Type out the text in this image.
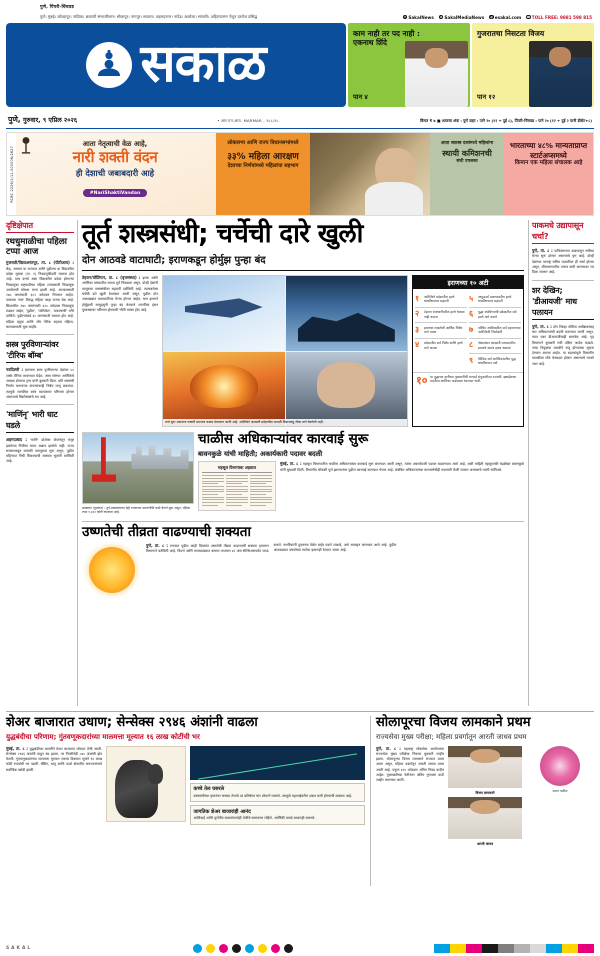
पुणे, पिंपरी-चिंचवड
पुणे। मुंबई। कोल्हापूर। नाशिक। छत्रपती संभाजीनगर। सोलापूर। नागपूर। सातारा। अहमदनगर। नांदेड। अकोला। सांगली। अहिल्यानगर येथून दररोज प्रसिद्ध	f SakalNews	X SakalMediaNews @ esakal.com ☎ TOLL FREE: 9881 598 815
सकाळ
काम नाही तर पद नाही : एकनाथ शिंदे
पान ४
गुजरातचा निसटता विजय
पान १२
पुणे, गुरुवार, ९ एप्रिल २०२६	• आर.एन.आय. MARMAR - ९८८/९८.	किंमत ₹ ७ ■ आजचा अंक : पुणे शहर : पाने २० (१२ + दुई ८), पिंपरी-चिंचवड : पाने २० (१२ + दुई २ पानी डीसेट+८)
RCBC 2226/1/11-000006/2627
आता नेतृत्वाची वेळ आहे,
नारी शक्ती वंदन
ही देशाची जबाबदारी आहे
#NariShaktiVandan
लोकसभा आणि राज्य विधानसभांमध्ये
३३% महिला आरक्षण
देशाच्या निर्णयांमध्ये महिलांचा सहभाग
आता सशस्त्र दलांमध्ये महिलांना
स्थायी कमिशनची
संधी उपलब्ध
भारताच्या ४८% मान्यताप्राप्त स्टार्टअप्समध्ये
किमान एक महिला संचालक आहे
दृष्टिक्षेपात
रथधुमाळीचा पहिला टप्पा आज
गुजराती/विश्वअनंतपूर, ता. ८ (पीटीआय) : केंद्र, आसाम या राज्यात आणि पुढील्या या बिंदावरील प्रदेशा सुधारा (ता. १) निवडणुकीदारी चालता होत आहे. याच दरम्‍ये अशा बिंदावरील प्रदेशा होणाऱ्या निवडणुका राष्ट्रवादीच्या पहिला टप्प्यासाठी निवडणूक आयोगाची घोषणा मान्य झाली आहे. आजारासाठी १७५ जागांसाठी ३०२ उमेदवार रिंगणात आहेत. पाकच्या 'स्तर' विरुद्ध महिला आहा राज्या येश आहे. बिंदावरील १७० जागांसाठी ४२० उमेदवार निवडणूक लढवत आहेत, 'पुढील', 'पालिकेत', 'प्रकल्पाची' वगैरे ठरविले. पुढील्यांकडे ३० जागांसाठी चालता होत आहे. महिला दलूक आणि और नेटिक सहाय्य महिला-चालकासाठी चूक जाहीर.
शस्त्र पुरविणाऱ्यांवर 'टीरिफ बॉम्ब'
नवदिल्ली : इराणला शस्त्र पुरविणाऱ्या देशांवर ५० टक्के टीरिफ लावण्यात येईल, असा गोष्टपर अमेरिकेचे अध्यक्ष डोनाल्ड ट्रम्प यांनी बुधवारी दिला. प्रति शस्त्रांची निर्यात करणाऱ्या कंपन्यांवरही निर्बंध लागू शकतात. त्‍यामुळे जागतिक शस्त्र व्यापारावर परिणाम होणार असल्याचे विश्‍लेषकांचे मत आहे.
'माणिंनृ' भारी धाट घडले
अहमदाबाद : 'माणि' प्रोजेक्ट योजनेतून मंजूर झालेल्या निधीचा वाटप अद्याप झालेले नाही. राज्य सरकारकडून यासाठी पाठपुरावा सुरू असून, पुढील महिन्यात निधी मिळण्याची शक्यता सूत्रांनी वर्तविली आहे.
तूर्त शस्त्रसंधी; चर्चेची दारे खुली
दोन आठवडे वाटाघाटी; इराणकडून होर्मुझ पुन्हा बंद
तेहरान/वॉशिंग्टन, ता. ८ (वृत्तसंस्था) : इराण आणि अमेरिका यांच्यातील तणाव तूर्त निवळला असून, दोन्ही देशांनी तात्पुरत्या शस्त्रसंधीवर सहमती दर्शविली आहे. त्याचबरोबर चर्चेची दारे खुली ठेवण्यात आली असून, पुढील दोन आठवड्यांत वाटाघाटींच्या फेऱ्या होणार आहेत. मात्र इराणने होर्मुझची सामुद्रधुनी पुन्हा बंद केल्याने जागतिक इंधन पुरवठ्यावर परिणाम होण्याची भीती व्यक्त होत आहे.
चर्चा सुरू असताना लष्करी सज्जता कायम ठेवण्यात आली आहे. अमेरिकेने आखाती प्रदेशातील आपली विमानवाहू नौका मागे घेतलेली नाही.
इराणच्या १० अटी
१	अमेरिकेने प्रदेशातील हल्ले थांबविण्यावर सहमती
२	तेहरान राजधानीवरील हल्ले थांबवा नाही करावा
३	इराणवर लादलेली आर्थिक निर्बंध मागे घ्यावा
४	प्रदेशातील सर्व निर्बंध आणि हल्ले मागे करावा
५	अणुऊर्जा प्रकल्पावरील हल्ले थांबविण्यावर सहमती
६	युद्धा संपविण्याची प्रदेशातील सर्व हल्ले मागे करावे
७	पश्चिम आशियातील सर्व सहभागाचा अमेरिकेची जिम्मेदारी
८	नौकाबंधन आखाती व्यापारातील इराणचे स्वतंत्र हक्क असावा
९	वैश्विक सर्व आण्विकांवरील युद्ध थांबविण्यात यावे
१० या युद्धाच्या हानीच्या नुकसानीची भरपाई संयुक्तरीत्या ठरवावी. इस्राईलच्या मदतीला अमेरिका जबाबदार धरण्यात यावी.
मावळात (गुजरात) : दुर्ग-मावळातल्या मेट्रो टप्प्याच्या उभारणीची कामे वेगाने सुरू असून, पहिला टप्पा १,३६२ कोटी रुपयांचा आहे.
चाळीस अधिकाऱ्यांवर कारवाई सुरू
बावनकुळे यांची माहिती; अकार्यकारी पदावर बदली
महसूल विभागाचा अहवाल
मुंबई, ता. ८ : महसूल विभागातील चाळीस अधिकाऱ्यांवर कारवाई सुरू करण्यात आली असून, त्यांना अकार्यकारी पदावर बदलण्यात आले आहे, अशी माहिती महसूलमंत्री चंद्रशेखर बावनकुळे यांनी बुधवारी दिली. विभागीय चौकशी पूर्ण झाल्यानंतर पुढील कारवाई करण्यात येणार आहे. संबंधित अधिकाऱ्यांच्या मालमत्तेचीही तपासणी केली जाणार असल्याचे त्यांनी सांगितले.
उष्णतेची तीव्रता वाढण्याची शक्यता
पुणे, ता. ८ : राज्यात पुढील काही दिवसांत उष्णतेची तीव्रता वाढण्याची शक्यता हवामान विभागाने वर्तविली आहे. विदर्भ आणि मराठवाड्यात कमाल तापमान ४२ अंश सेल्सिअसपर्यंत जाऊ शकते. नागरिकांनी दुपारच्या वेळेत बाहेर पडणे टाळावे, असे आवाहन करण्यात आले आहे. पुढील आठवड्यात उष्णतेच्या लाटेचा इशाराही देण्यात आला आहे.
पाकमधे उद्यापासून चर्चा?
पुणे, ता. ८ : पाकिस्तानात उद्यापासून चर्चेच्या फेऱ्या सुरू होणार असल्याचे वृत्त आहे. दोन्ही देशांच्या परराष्ट्र सचिव पातळीवर ही चर्चा होणार असून, सीमाभागातील तणाव कमी करण्यावर भर दिला जाणार आहे.
शर देखिन; 'डीआयजी' माध पलायन
पुणे, ता. ८ : दोन जिल्हा पोलिस अधीक्षकांसह चार अधिकाऱ्यांची बदली करण्यात आली असून, त्यात एका डीआयजींचाही समावेश आहे. गृह विभागाने बुधवारी रात्री उशिरा आदेश काढले. नव्या नियुक्त्या तातडीने रुजू होण्याच्या सूचना देण्यात आल्या आहेत. या बदल्यांमुळे विभागीय पातळीवर मोठे फेरबदल होणार असल्याचे मानले जात आहे.
शेअर बाजारात उधाण; सेन्सेक्स २९४६ अंशांनी वाढला
युद्धबंदीचा परिणाम; गुंतवणूकदारांच्या मालमत्ता मूल्यात १६ लाख कोटींची भर
मुंबई, ता. ८ : युद्धबंदीच्या बातमीने शेअर बाजारात जोरदार तेजी आली. सेन्सेक्स २९४६ अंशांनी वाढून बंद झाला, तर निफ्टीनेही ८७० अंशांची झेप घेतली. गुंतवणूकदारांच्या मालमत्ता मूल्यात एकाच दिवसात सुमारे १६ लाख कोटी रुपयांची भर पडली. बँकिंग, धातू आणि ऊर्जा क्षेत्रातील समभागांमध्ये सर्वाधिक खरेदी झाली.
कच्चे तेल घसरले
शस्त्रसंधीच्या वृत्तानंतर कच्च्या तेलाचे दर प्रतिबॅरल चार डॉलरने घसरले. त्यामुळे महागाईवरील दबाव कमी होण्याची शक्यता आहे.
जागतिक शेअर बाजारांही आनंद
आशियाई आणि युरोपीय बाजारांमध्येही तेजीचे वातावरण राहिले. अमेरिकी वायदे बाजारही वधारले.
सोलापूरचा विजय लामकाने प्रथम
राज्यसेवा मुख्य परीक्षा; महिला प्रवर्गातून आरती जाधव प्रथम
पुणे, ता. ८ : महाराष्ट्र लोकसेवा आयोगाच्या राज्यसेवा मुख्य परीक्षेचा निकाल बुधवारी जाहीर झाला. सोलापूरचा विजय लामकाने राज्यात प्रथम आला असून, महिला प्रवर्गातून आरती जाधव प्रथम आली आहे. एकूण ४२० उमेदवार अंतिम निवड यादीत आहेत. मुलाखतीच्या फेरीनंतर अंतिम गुणवत्ता यादी जाहीर करण्यात आली.
विजय लामकाने
आरती जाधव
सागर पाटील
SAKAL
